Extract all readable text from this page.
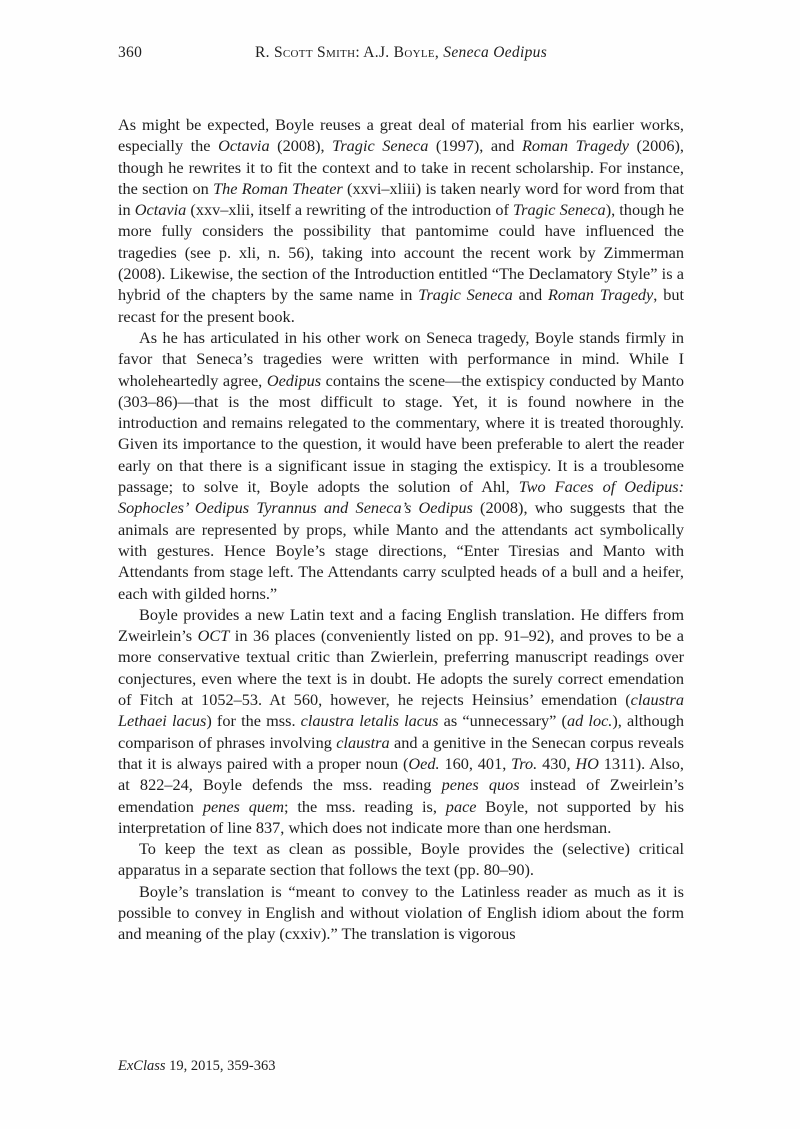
360	R. Scott Smith: A.J. Boyle, Seneca Oedipus

As might be expected, Boyle reuses a great deal of material from his earlier works, especially the Octavia (2008), Tragic Seneca (1997), and Roman Tragedy (2006), though he rewrites it to fit the context and to take in recent scholarship. For instance, the section on The Roman Theater (xxvi–xliii) is taken nearly word for word from that in Octavia (xxv–xlii, itself a rewriting of the introduction of Tragic Seneca), though he more fully considers the possibility that pantomime could have influenced the tragedies (see p. xli, n. 56), taking into account the recent work by Zimmerman (2008). Likewise, the section of the Introduction entitled “The Declamatory Style” is a hybrid of the chapters by the same name in Tragic Seneca and Roman Tragedy, but recast for the present book.

As he has articulated in his other work on Seneca tragedy, Boyle stands firmly in favor that Seneca’s tragedies were written with performance in mind. While I wholeheartedly agree, Oedipus contains the scene—the extispicy conducted by Manto (303–86)—that is the most difficult to stage. Yet, it is found nowhere in the introduction and remains relegated to the commentary, where it is treated thoroughly. Given its importance to the question, it would have been preferable to alert the reader early on that there is a significant issue in staging the extispicy. It is a troublesome passage; to solve it, Boyle adopts the solution of Ahl, Two Faces of Oedipus: Sophocles’ Oedipus Tyrannus and Seneca’s Oedipus (2008), who suggests that the animals are represented by props, while Manto and the attendants act symbolically with gestures. Hence Boyle’s stage directions, “Enter Tiresias and Manto with Attendants from stage left. The Attendants carry sculpted heads of a bull and a heifer, each with gilded horns.”

Boyle provides a new Latin text and a facing English translation. He differs from Zweirlein’s OCT in 36 places (conveniently listed on pp. 91–92), and proves to be a more conservative textual critic than Zwierlein, preferring manuscript readings over conjectures, even where the text is in doubt. He adopts the surely correct emendation of Fitch at 1052–53. At 560, however, he rejects Heinsius’ emendation (claustra Lethaei lacus) for the mss. claustra letalis lacus as “unnecessary” (ad loc.), although comparison of phrases involving claustra and a genitive in the Senecan corpus reveals that it is always paired with a proper noun (Oed. 160, 401, Tro. 430, HO 1311). Also, at 822–24, Boyle defends the mss. reading penes quos instead of Zweirlein’s emendation penes quem; the mss. reading is, pace Boyle, not supported by his interpretation of line 837, which does not indicate more than one herdsman.

To keep the text as clean as possible, Boyle provides the (selective) critical apparatus in a separate section that follows the text (pp. 80–90).

Boyle’s translation is “meant to convey to the Latinless reader as much as it is possible to convey in English and without violation of English idiom about the form and meaning of the play (cxxiv).” The translation is vigorous

ExClass 19, 2015, 359-363
